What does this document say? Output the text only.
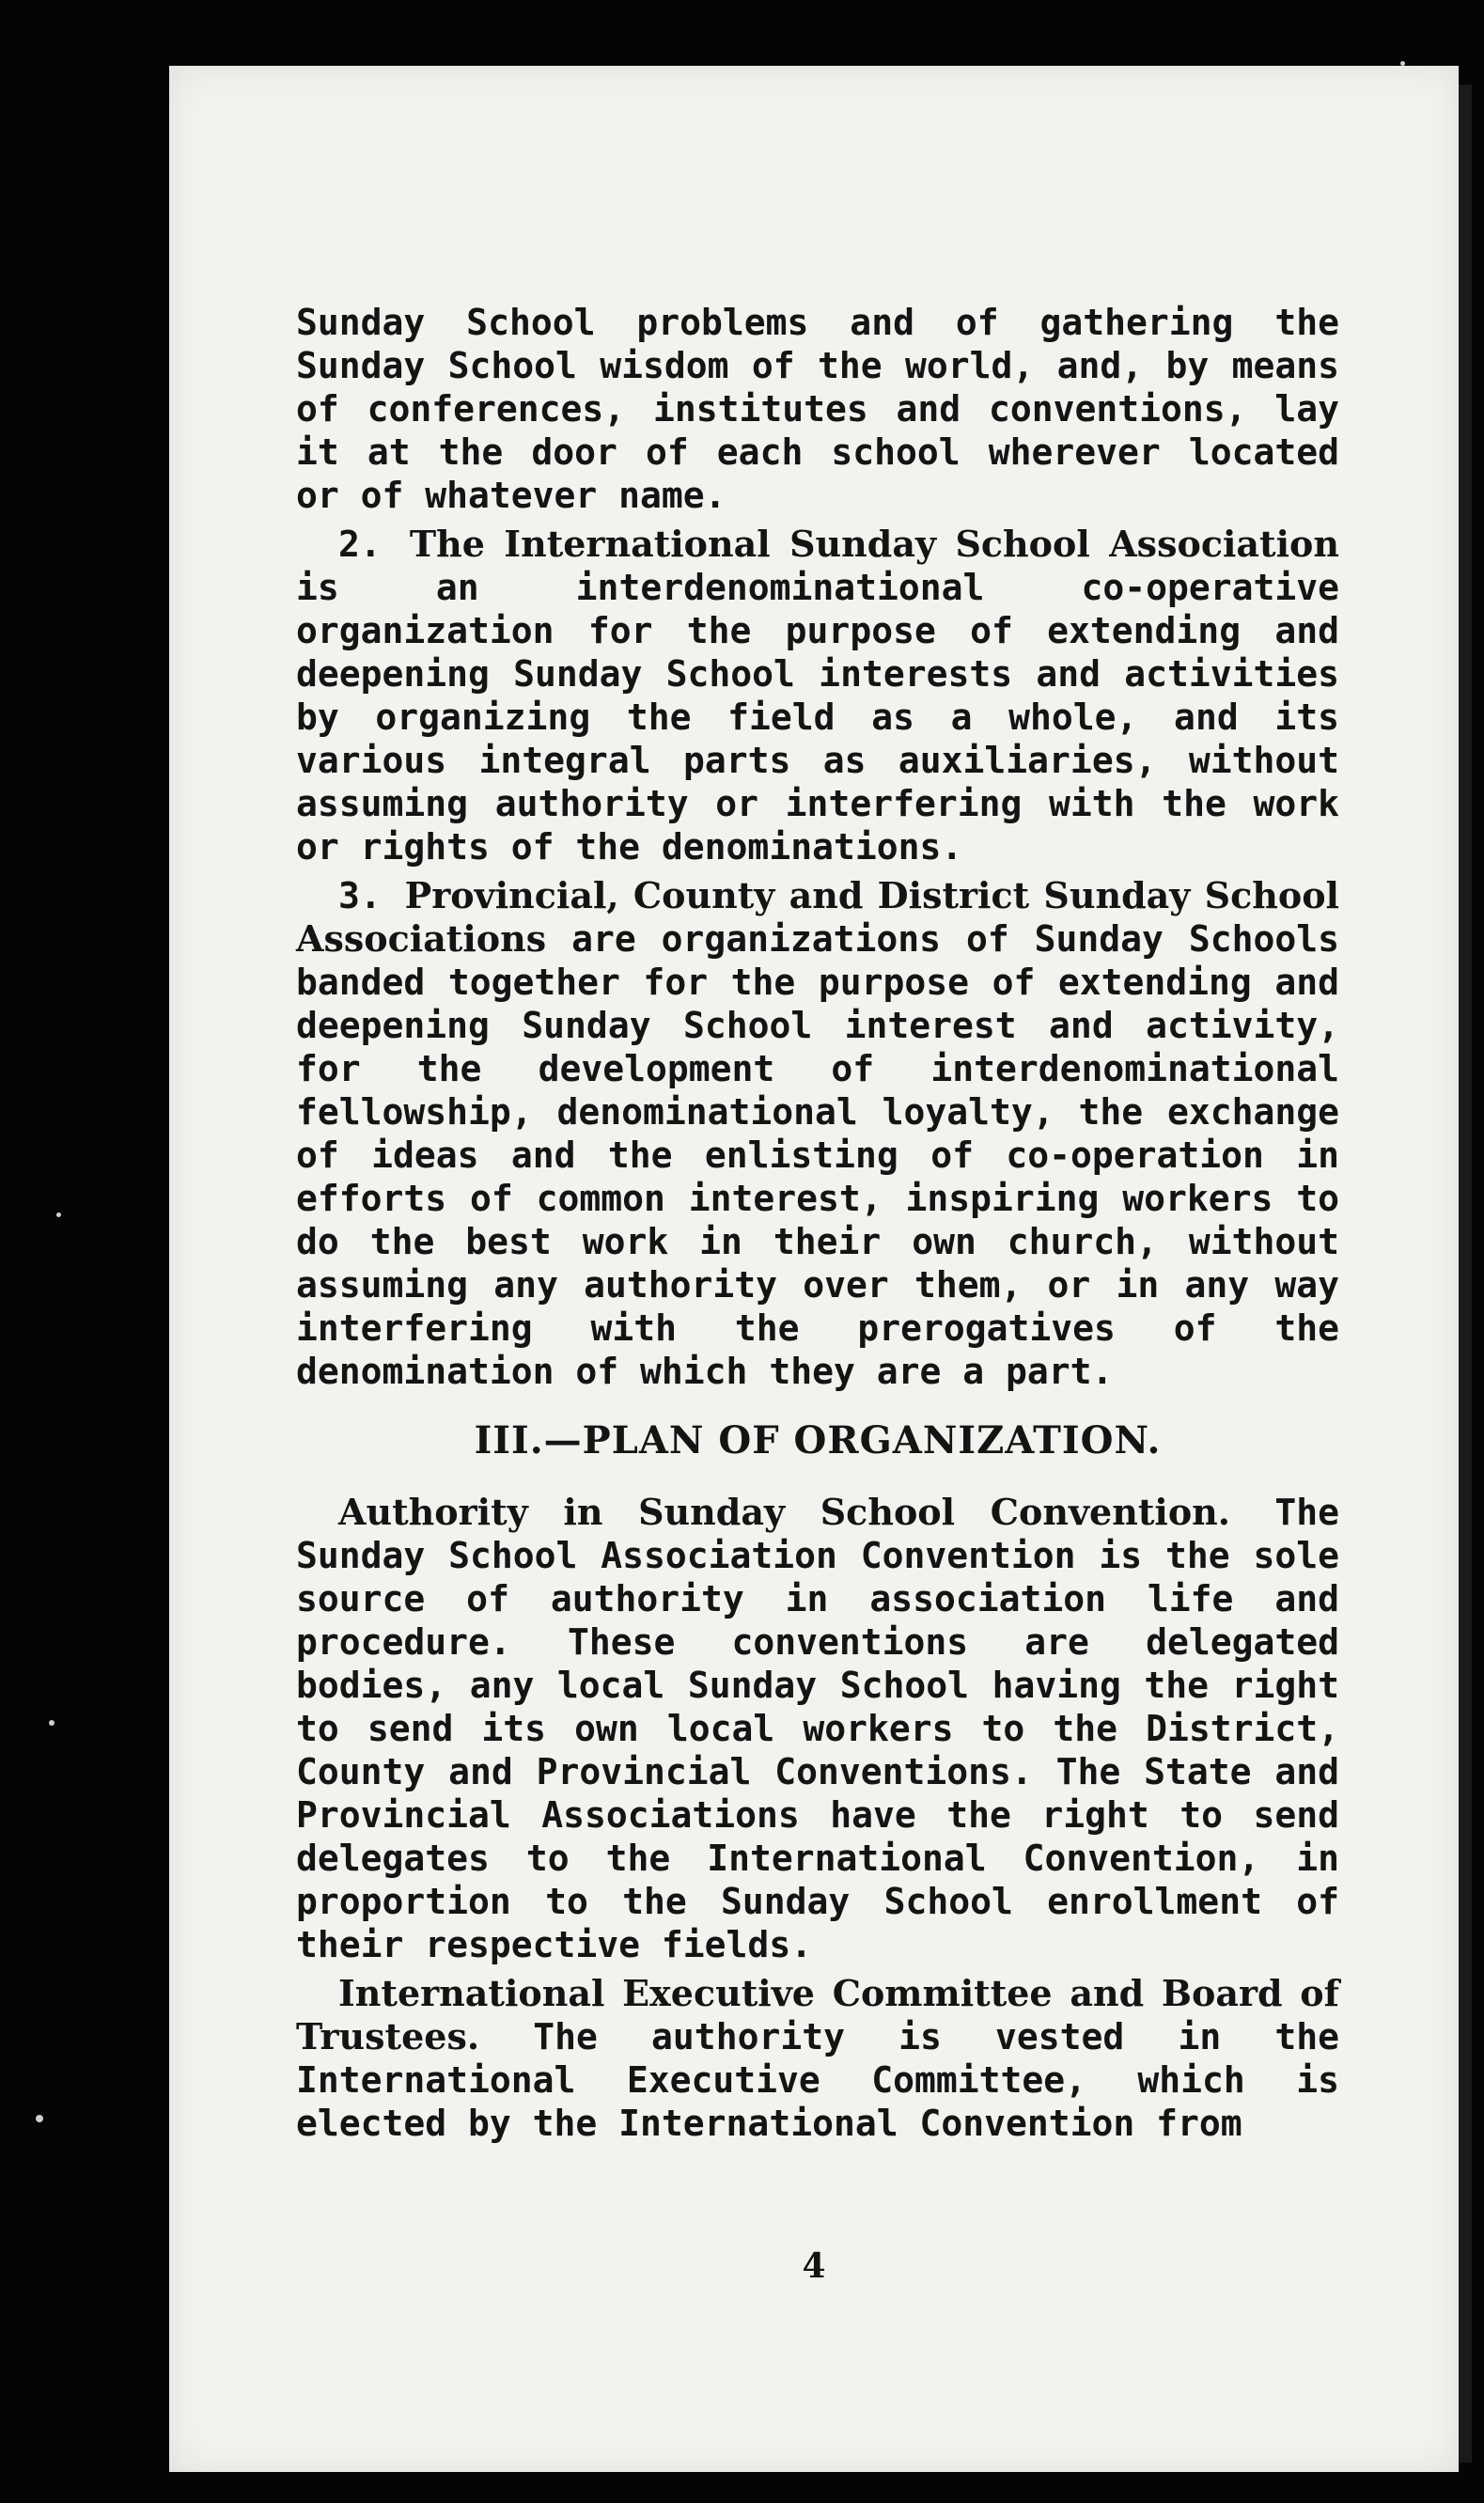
Sunday School problems and of gathering the Sunday School wisdom of the world, and, by means of conferences, institutes and conventions, lay it at the door of each school wherever located or of whatever name.

2. The International Sunday School Association is an interdenominational co-operative organization for the purpose of extending and deepening Sunday School interests and activities by organizing the field as a whole, and its various integral parts as auxiliaries, without assuming authority or interfering with the work or rights of the denominations.

3. Provincial, County and District Sunday School Associations are organizations of Sunday Schools banded together for the purpose of extending and deepening Sunday School interest and activity, for the development of interdenominational fellowship, denominational loyalty, the exchange of ideas and the enlisting of co-operation in efforts of common interest, inspiring workers to do the best work in their own church, without assuming any authority over them, or in any way interfering with the prerogatives of the denomination of which they are a part.

III.—PLAN OF ORGANIZATION.

Authority in Sunday School Convention. The Sunday School Association Convention is the sole source of authority in association life and procedure. These conventions are delegated bodies, any local Sunday School having the right to send its own local workers to the District, County and Provincial Conventions. The State and Provincial Associations have the right to send delegates to the International Convention, in proportion to the Sunday School enrollment of their respective fields.

International Executive Committee and Board of Trustees. The authority is vested in the International Executive Committee, which is elected by the International Convention from

4
